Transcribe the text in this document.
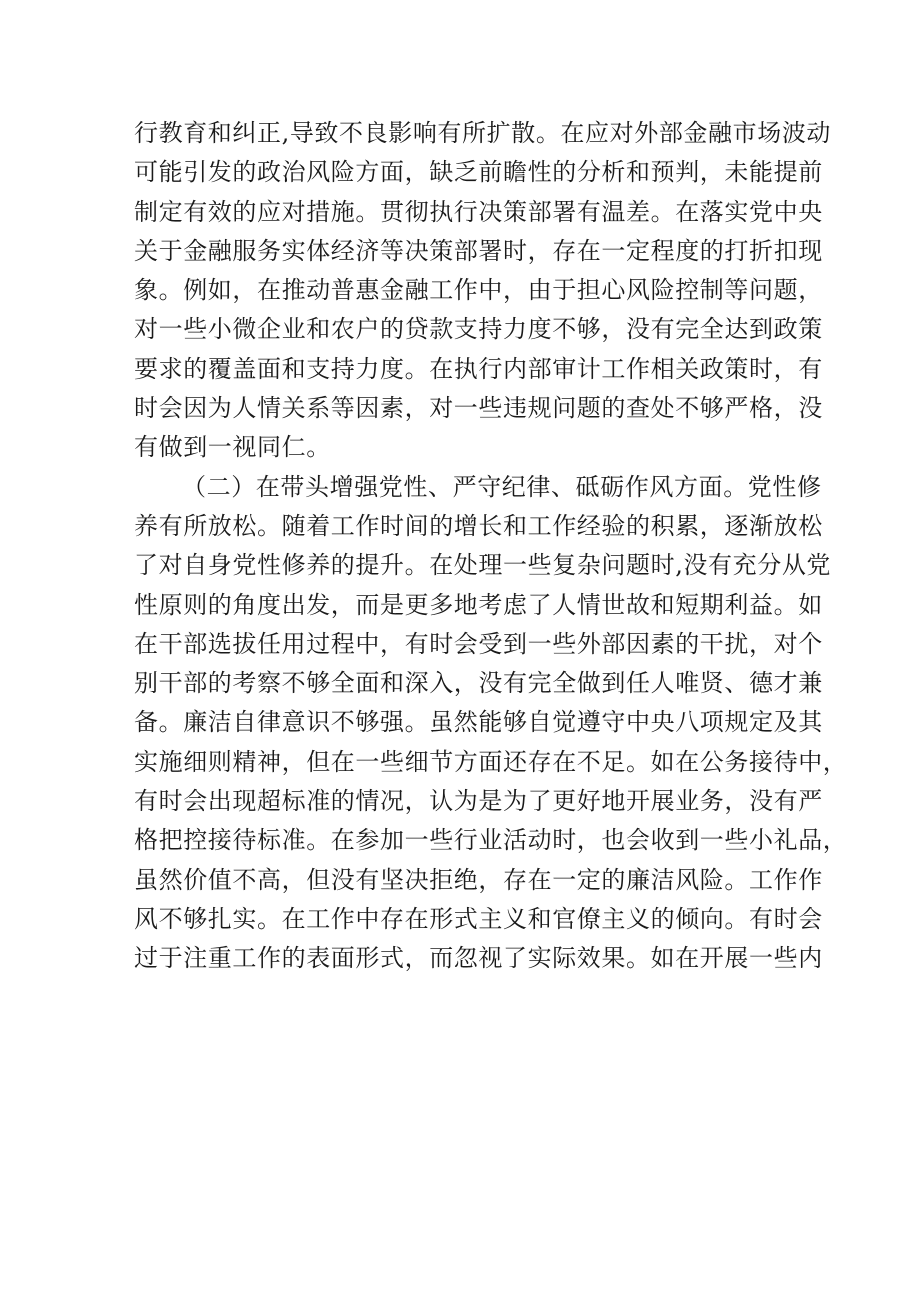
行教育和纠正,导致不良影响有所扩散。在应对外部金融市场波动
可能引发的政治风险方面，缺乏前瞻性的分析和预判，未能提前
制定有效的应对措施。贯彻执行决策部署有温差。在落实党中央
关于金融服务实体经济等决策部署时，存在一定程度的打折扣现
象。例如，在推动普惠金融工作中，由于担心风险控制等问题，
对一些小微企业和农户的贷款支持力度不够，没有完全达到政策
要求的覆盖面和支持力度。在执行内部审计工作相关政策时，有
时会因为人情关系等因素，对一些违规问题的查处不够严格，没
有做到一视同仁。
（二）在带头增强党性、严守纪律、砥砺作风方面。党性修
养有所放松。随着工作时间的增长和工作经验的积累，逐渐放松
了对自身党性修养的提升。在处理一些复杂问题时,没有充分从党
性原则的角度出发，而是更多地考虑了人情世故和短期利益。如
在干部选拔任用过程中，有时会受到一些外部因素的干扰，对个
别干部的考察不够全面和深入，没有完全做到任人唯贤、德才兼
备。廉洁自律意识不够强。虽然能够自觉遵守中央八项规定及其
实施细则精神，但在一些细节方面还存在不足。如在公务接待中，
有时会出现超标准的情况，认为是为了更好地开展业务，没有严
格把控接待标准。在参加一些行业活动时，也会收到一些小礼品，
虽然价值不高，但没有坚决拒绝，存在一定的廉洁风险。工作作
风不够扎实。在工作中存在形式主义和官僚主义的倾向。有时会
过于注重工作的表面形式，而忽视了实际效果。如在开展一些内
